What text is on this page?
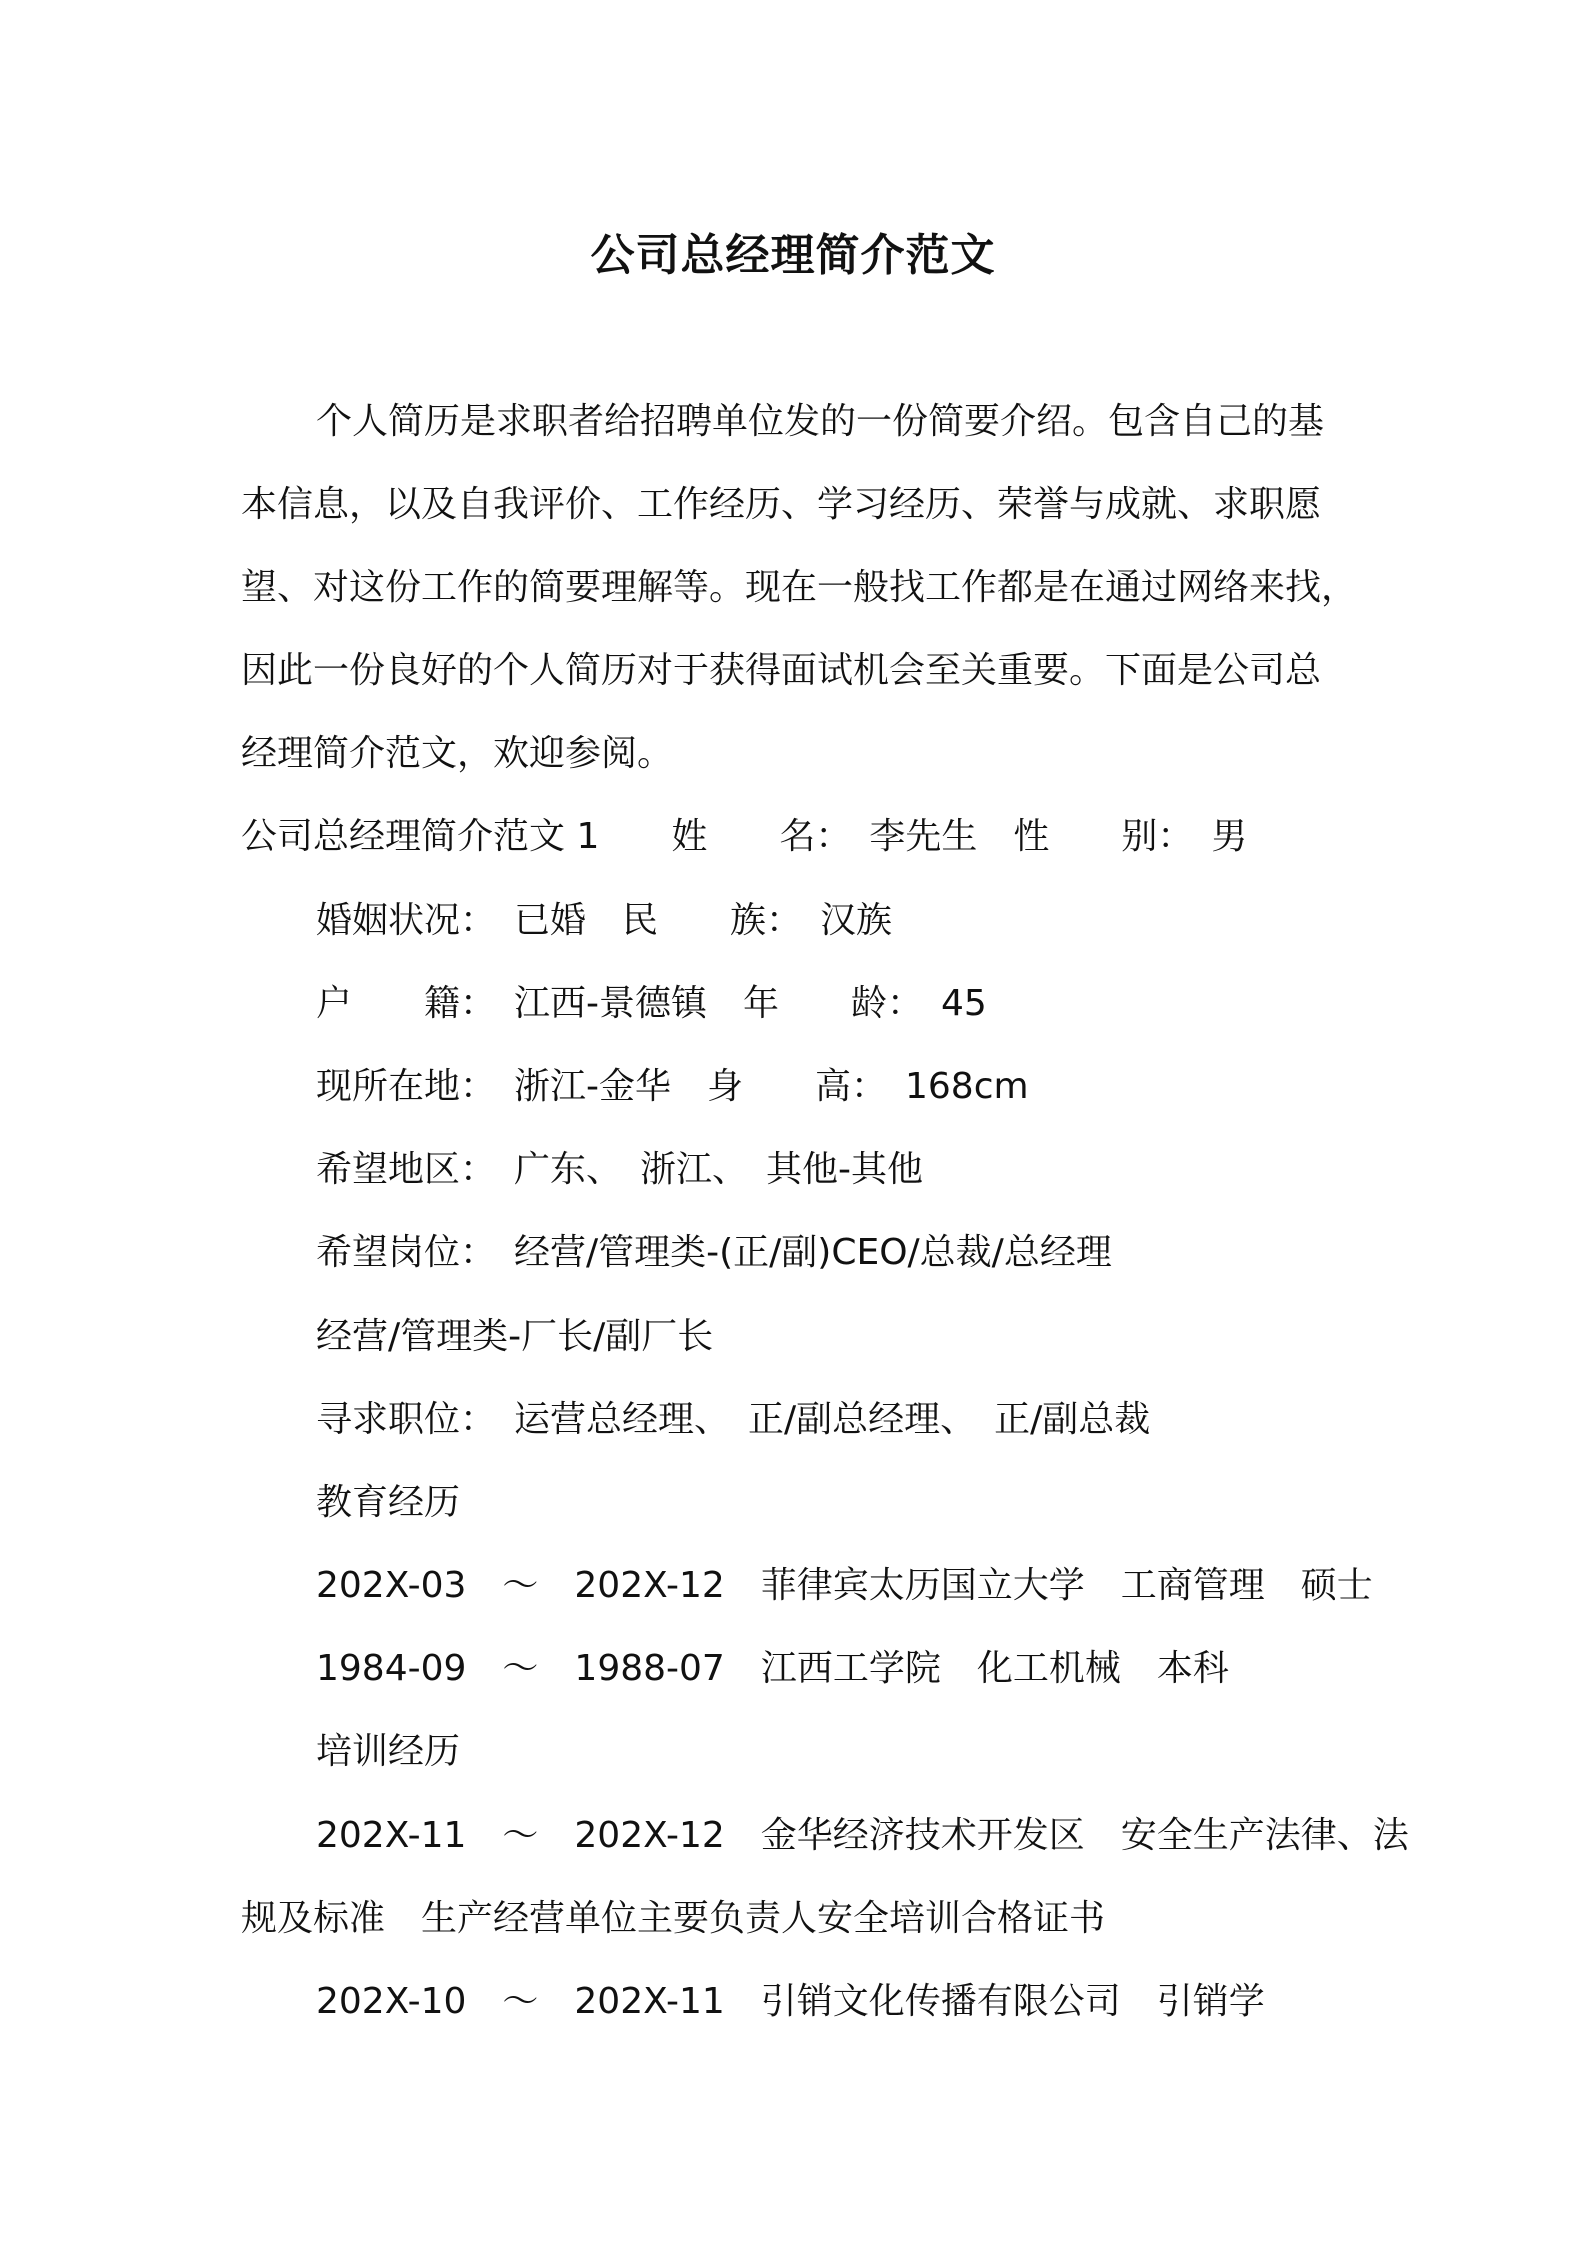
公司总经理简介范文
个人简历是求职者给招聘单位发的一份简要介绍。包含自己的基
本信息，以及自我评价、工作经历、学习经历、荣誉与成就、求职愿
望、对这份工作的简要理解等。现在一般找工作都是在通过网络来找，
因此一份良好的个人简历对于获得面试机会至关重要。下面是公司总
经理简介范文，欢迎参阅。
公司总经理简介范文 1　　姓　　名：　李先生　性　　别：　男
婚姻状况：　已婚　民　　族：　汉族
户　　籍：　江西-景德镇　年　　龄：　45
现所在地：　浙江-金华　身　　高：　168cm
希望地区：　广东、　浙江、　其他-其他
希望岗位：　经营/管理类-(正/副)CEO/总裁/总经理
经营/管理类-厂长/副厂长
寻求职位：　运营总经理、　正/副总经理、　正/副总裁
教育经历
202X-03　～　202X-12　菲律宾太历国立大学　工商管理　硕士
1984-09　～　1988-07　江西工学院　化工机械　本科
培训经历
202X-11　～　202X-12　金华经济技术开发区　安全生产法律、法
规及标准　生产经营单位主要负责人安全培训合格证书
202X-10　～　202X-11　引销文化传播有限公司　引销学
